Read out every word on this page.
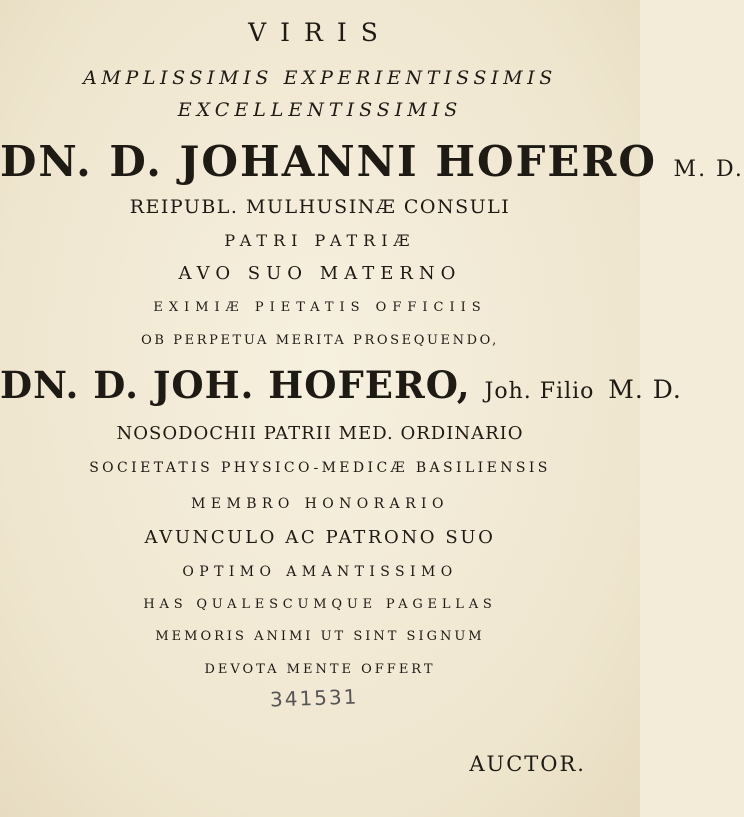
VIRIS
AMPLISSIMIS EXPERIENTISSIMIS
EXCELLENTISSIMIS
DN. D. JOHANNI HOFERO M. D.
REIPUBL. MULHUSINÆ CONSULI
PATRI PATRIÆ
AVO SUO MATERNO
EXIMIÆ PIETATIS OFFICIIS
OB PERPETUA MERITA PROSEQUENDO,
DN. D. JOH. HOFERO, Joh. Filio M. D.
NOSODOCHII PATRII MED. ORDINARIO
SOCIETATIS PHYSICO-MEDICÆ BASILIENSIS
MEMBRO HONORARIO
AVUNCULO AC PATRONO SUO
OPTIMO AMANTISSIMO
HAS QUALESCUMQUE PAGELLAS
MEMORIS ANIMI UT SINT SIGNUM
DEVOTA MENTE OFFERT
341531
AUCTOR.
